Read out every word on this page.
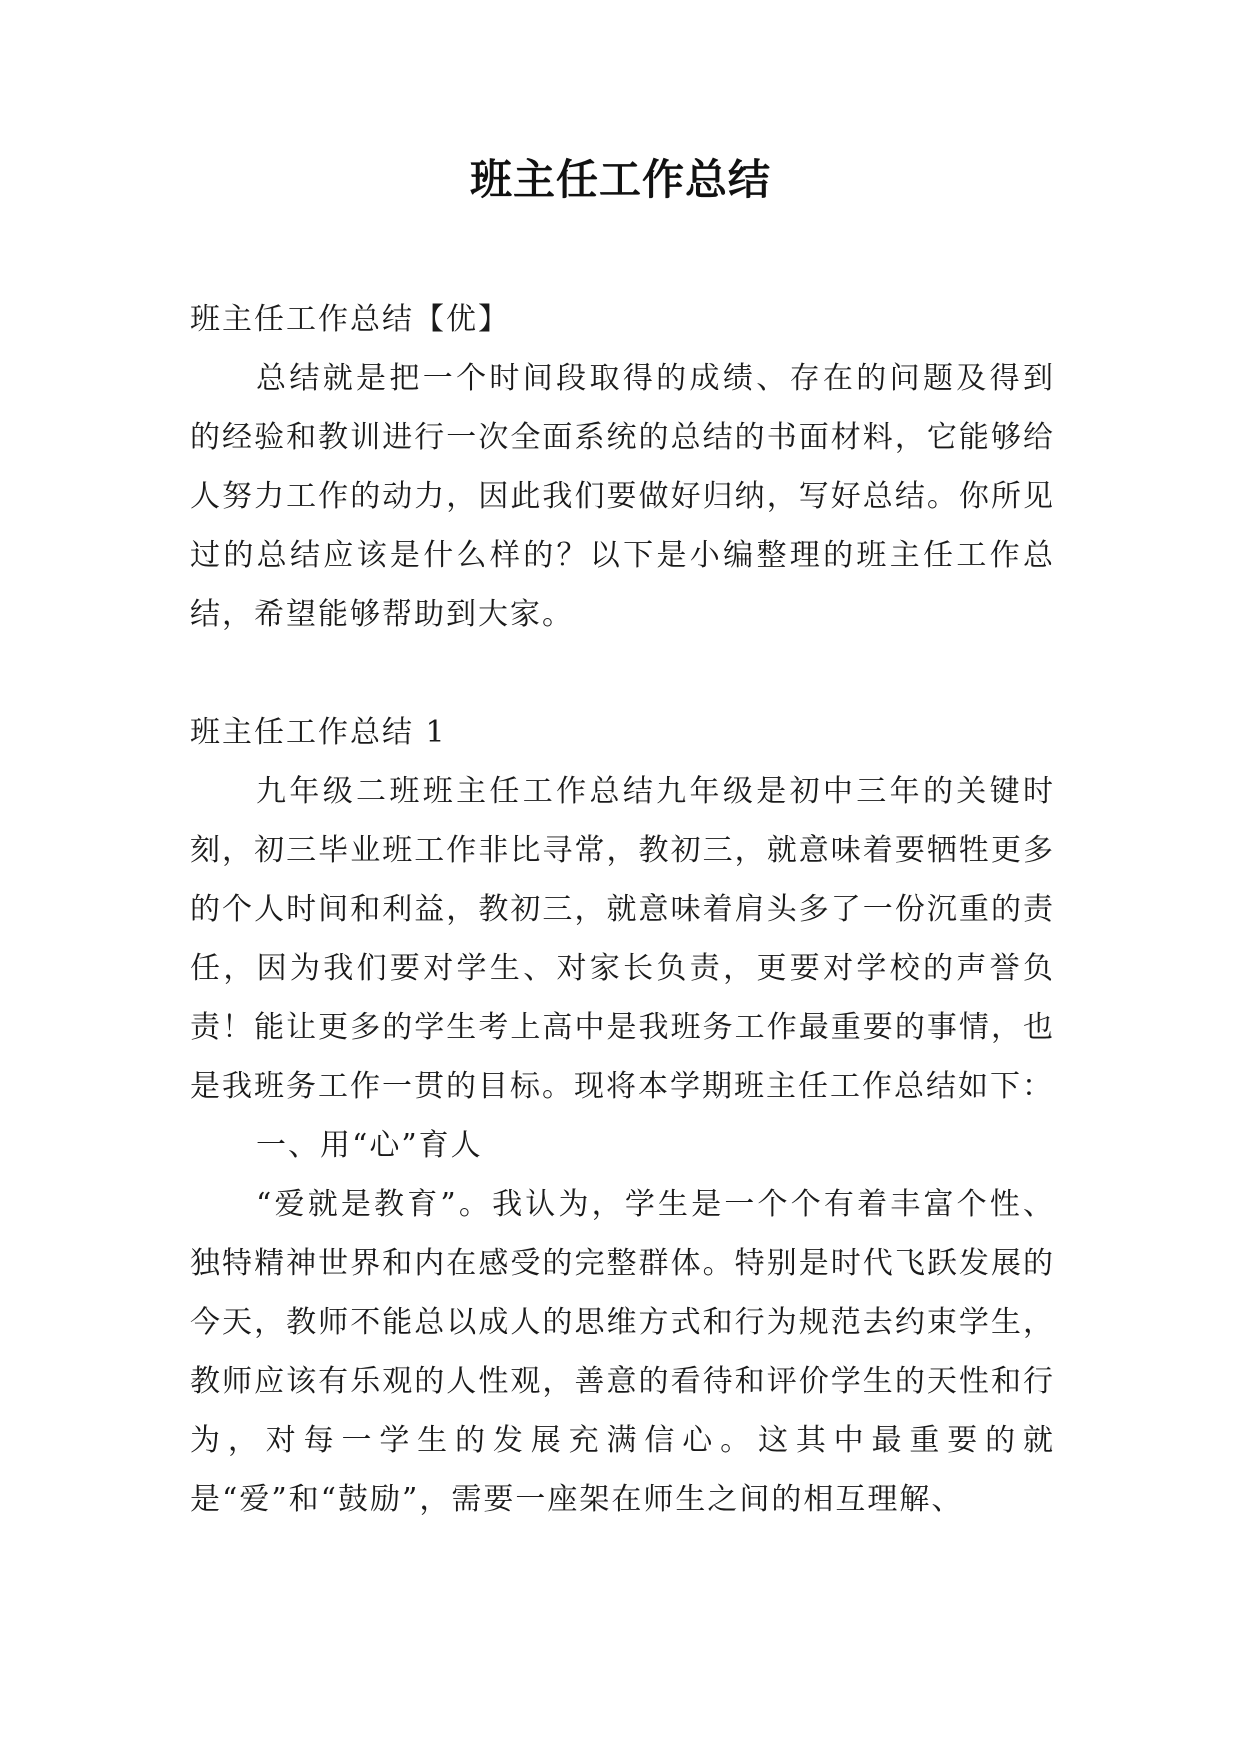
班主任工作总结

班主任工作总结【优】

总结就是把一个时间段取得的成绩、存在的问题及得到的经验和教训进行一次全面系统的总结的书面材料，它能够给人努力工作的动力，因此我们要做好归纳，写好总结。你所见过的总结应该是什么样的？以下是小编整理的班主任工作总结，希望能够帮助到大家。

班主任工作总结 1

九年级二班班主任工作总结九年级是初中三年的关键时刻，初三毕业班工作非比寻常，教初三，就意味着要牺牲更多的个人时间和利益，教初三，就意味着肩头多了一份沉重的责任，因为我们要对学生、对家长负责，更要对学校的声誉负责！能让更多的学生考上高中是我班务工作最重要的事情，也是我班务工作一贯的目标。现将本学期班主任工作总结如下：

一、用“心”育人

“爱就是教育”。我认为，学生是一个个有着丰富个性、独特精神世界和内在感受的完整群体。特别是时代飞跃发展的今天，教师不能总以成人的思维方式和行为规范去约束学生，教师应该有乐观的人性观，善意的看待和评价学生的天性和行为，对每一学生的发展充满信心。这其中最重要的就是“爱”和“鼓励”，需要一座架在师生之间的相互理解、
